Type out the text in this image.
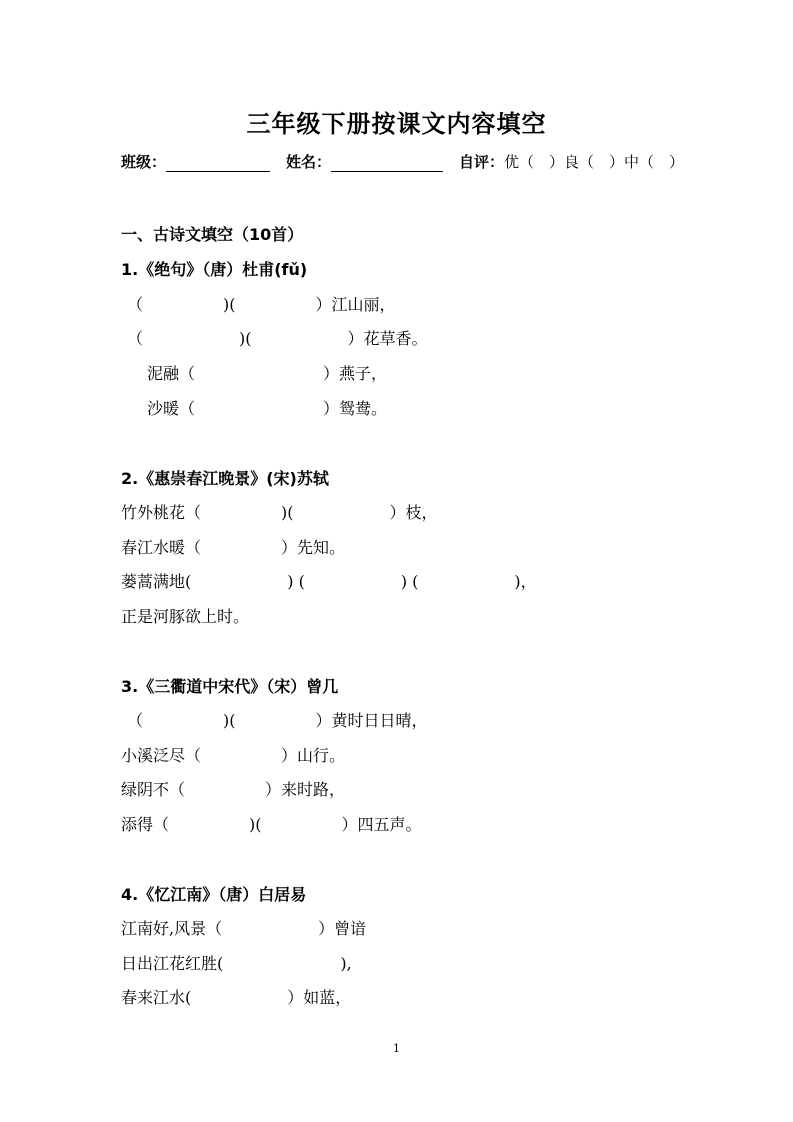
三年级下册按课文内容填空
班级：	姓名：	自评：优（　）良（　）中（　）
一、古诗文填空（10首）
1.《绝句》（唐）杜甫(fǔ)
（　　　　　)(　　　　　）江山丽，
（　　　　　　)(　　　　　　）花草香。
泥融（　　　　　　　　）燕子，
沙暖（　　　　　　　　）鸳鸯。
2.《惠崇春江晚景》(宋)苏轼
竹外桃花（　　　　　)(　　　　　　）枝，
春江水暖（　　　　　）先知。
蒌蒿满地(　　　　　　) (　　　　　　) (　　　　　　)，
正是河豚欲上时。
3.《三衢道中宋代》（宋）曾几
（　　　　　)(　　　　　）黄时日日晴，
小溪泛尽（　　　　　）山行。
绿阴不（　　　　　）来时路，
添得（　　　　　)(　　　　　）四五声。
4.《忆江南》（唐）白居易
江南好,风景（　　　　　　）曾谙
日出江花红胜(　　　　　　　 ),
春来江水(　　　　　　）如蓝，
1
